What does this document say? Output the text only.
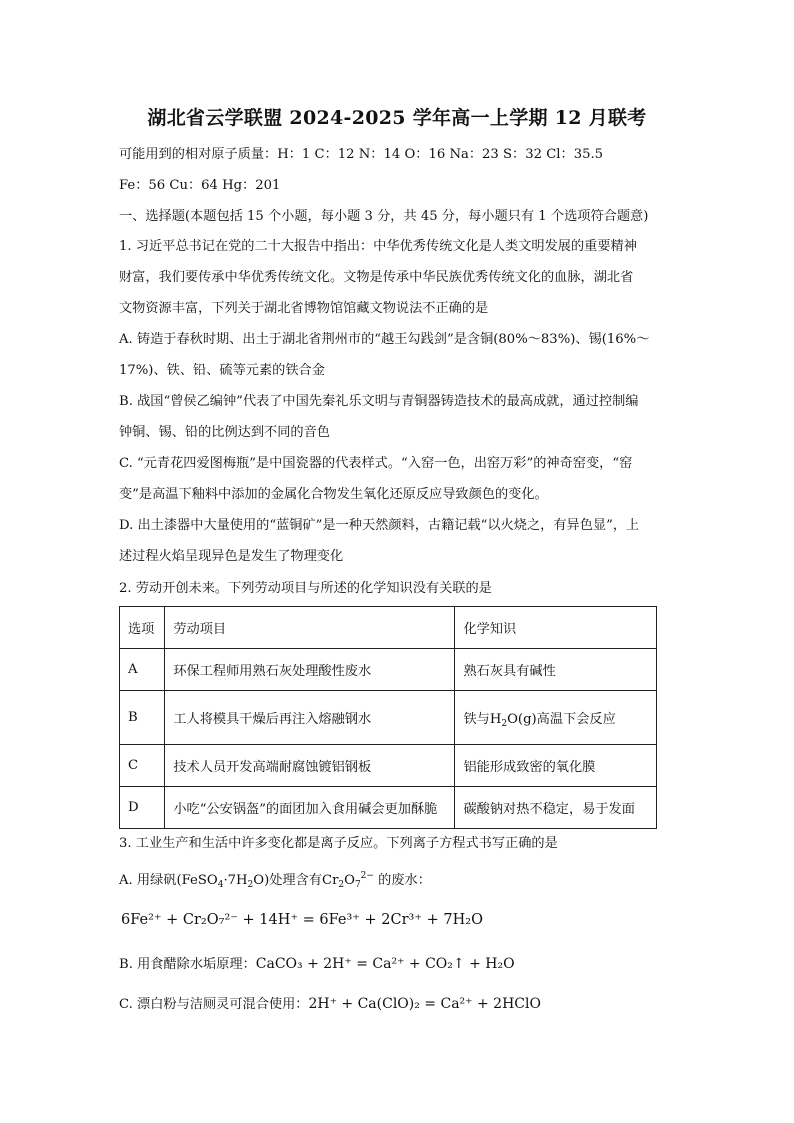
湖北省云学联盟 2024-2025 学年高一上学期 12 月联考
可能用到的相对原子质量：H：1 C：12 N：14 O：16 Na：23 S：32 Cl：35.5
Fe：56 Cu：64 Hg：201
一、选择题(本题包括 15 个小题，每小题 3 分，共 45 分，每小题只有 1 个选项符合题意)
1. 习近平总书记在党的二十大报告中指出：中华优秀传统文化是人类文明发展的重要精神
财富，我们要传承中华优秀传统文化。文物是传承中华民族优秀传统文化的血脉，湖北省
文物资源丰富，下列关于湖北省博物馆馆藏文物说法不正确的是
A. 铸造于春秋时期、出土于湖北省荆州市的“越王勾践剑”是含铜(80%～83%)、锡(16%～
17%)、铁、铅、硫等元素的铁合金
B. 战国“曾侯乙编钟”代表了中国先秦礼乐文明与青铜器铸造技术的最高成就，通过控制编
钟铜、锡、铅的比例达到不同的音色
C. “元青花四爱图梅瓶”是中国瓷器的代表样式。“入窑一色，出窑万彩”的神奇窑变，“窑
变”是高温下釉料中添加的金属化合物发生氧化还原反应导致颜色的变化。
D. 出土漆器中大量使用的“蓝铜矿”是一种天然颜料，古籍记载“以火烧之，有异色显”，上
述过程火焰呈现异色是发生了物理变化
2. 劳动开创未来。下列劳动项目与所述的化学知识没有关联的是
选项	劳动项目	化学知识
A	环保工程师用熟石灰处理酸性废水	熟石灰具有碱性
B	工人将模具干燥后再注入熔融钢水	铁与$H_2O(g)$高温下会反应
C	技术人员开发高端耐腐蚀镀铝钢板	铝能形成致密的氧化膜
D	小吃“公安锅盔”的面团加入食用碱会更加酥脆	碳酸钠对热不稳定，易于发面
3. 工业生产和生活中许多变化都是离子反应。下列离子方程式书写正确的是
A. 用绿矾$(FeSO_4\cdot 7H_2O)$处理含有$Cr_2O_7^{2-}$ 的废水：
6Fe²⁺ + Cr₂O₇²⁻ + 14H⁺ = 6Fe³⁺ + 2Cr³⁺ + 7H₂O
B. 用食醋除水垢原理：CaCO₃ + 2H⁺ = Ca²⁺ + CO₂↑ + H₂O
C. 漂白粉与洁厕灵可混合使用：2H⁺ + Ca(ClO)₂ = Ca²⁺ + 2HClO
